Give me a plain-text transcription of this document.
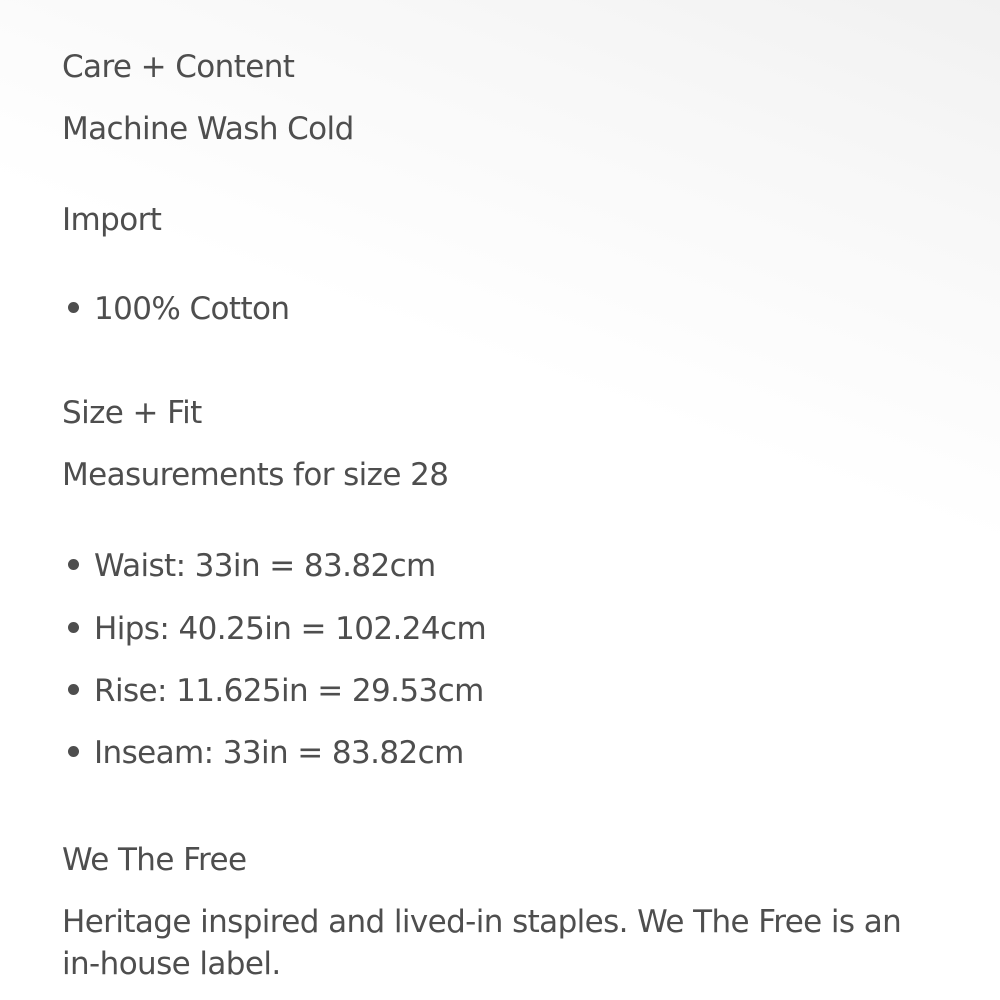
Care + Content
Machine Wash Cold
Import
100% Cotton
Size + Fit
Measurements for size 28
Waist: 33in = 83.82cm
Hips: 40.25in = 102.24cm
Rise: 11.625in = 29.53cm
Inseam: 33in = 83.82cm
We The Free
Heritage inspired and lived-in staples. We The Free is an in-house label.
